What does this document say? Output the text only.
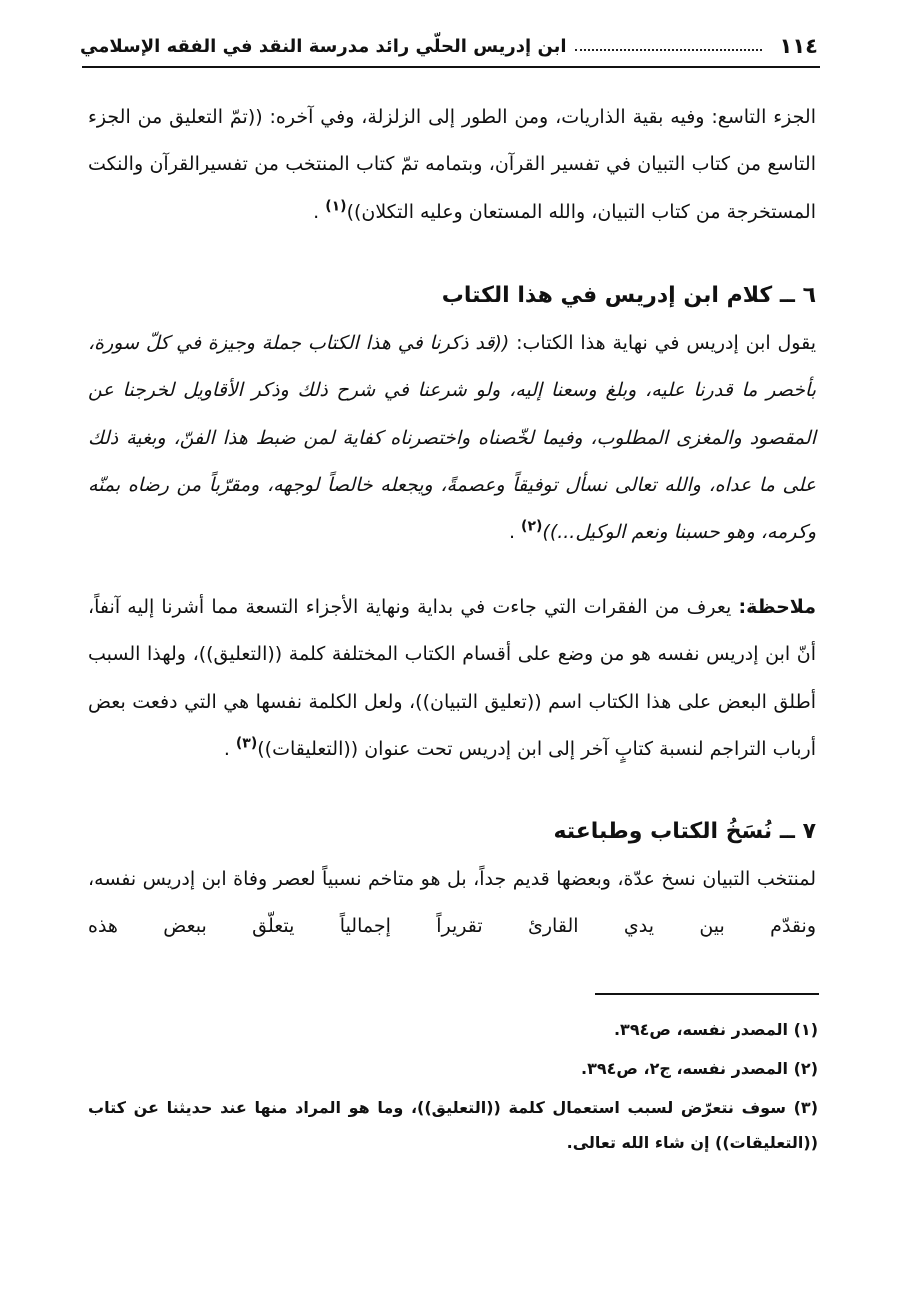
١١٤
ابن إدريس الحلّي رائد مدرسة النقد في الفقه الإسلامي

الجزء التاسع: وفيه بقية الذاريات، ومن الطور إلى الزلزلة، وفي آخره: ((تمّ التعليق من الجزء التاسع من كتاب التبيان في تفسير القرآن، وبتمامه تمّ كتاب المنتخب من تفسيرالقرآن والنكت المستخرجة من كتاب التبيان، والله المستعان وعليه التكلان))$^{(١)}$.

٦ ــ كلام ابن إدريس في هذا الكتاب

يقول ابن إدريس في نهاية هذا الكتاب: ((قد ذكرنا في هذا الكتاب جملة وجيزة في كلّ سورة، بأخصر ما قدرنا عليه، وبلغ وسعنا إليه، ولو شرعنا في شرح ذلك وذكر الأقاويل لخرجنا عن المقصود والمغزى المطلوب، وفيما لخّصناه واختصرناه كفاية لمن ضبط هذا الفنّ، وبغية ذلك على ما عداه، والله تعالى نسأل توفيقاً وعصمةً، ويجعله خالصاً لوجهه، ومقرّباً من رضاه بمنّه وكرمه، وهو حسبنا ونعم الوكيل...))$^{(٢)}$.

ملاحظة: يعرف من الفقرات التي جاءت في بداية ونهاية الأجزاء التسعة مما أشرنا إليه آنفاً، أنّ ابن إدريس نفسه هو من وضع على أقسام الكتاب المختلفة كلمة ((التعليق))، ولهذا السبب أطلق البعض على هذا الكتاب اسم ((تعليق التبيان))، ولعل الكلمة نفسها هي التي دفعت بعض أرباب التراجم لنسبة كتابٍ آخر إلى ابن إدريس تحت عنوان ((التعليقات))$^{(٣)}$.

٧ ــ نُسَخُ الكتاب وطباعته

لمنتخب التبيان نسخ عدّة، وبعضها قديم جداً، بل هو متاخم نسبياً لعصر وفاة ابن إدريس نفسه، ونقدّم بين يدي القارئ تقريراً إجمالياً يتعلّق ببعض هذه

(١) المصدر نفسه، ص٣٩٤.

(٢) المصدر نفسه، ج٢، ص٣٩٤.

(٣) سوف نتعرّض لسبب استعمال كلمة ((التعليق))، وما هو المراد منها عند حديثنا عن كتاب ((التعليقات)) إن شاء الله تعالى.
